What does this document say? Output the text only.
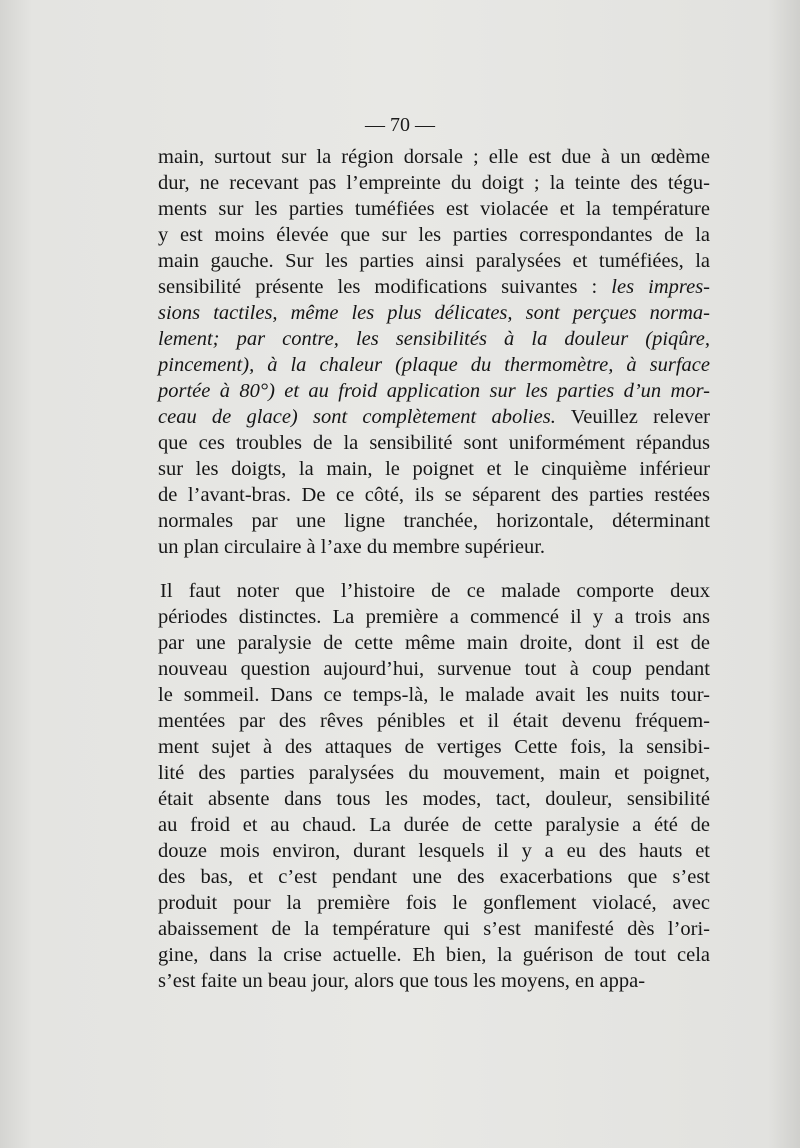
— 70 —
main, surtout sur la région dorsale ; elle est due à un œdème
dur, ne recevant pas l’empreinte du doigt ; la teinte des tégu-
ments sur les parties tuméfiées est violacée et la température
y est moins élevée que sur les parties correspondantes de la
main gauche. Sur les parties ainsi paralysées et tuméfiées, la
sensibilité présente les modifications suivantes : les impres-
sions tactiles, même les plus délicates, sont perçues norma-
lement; par contre, les sensibilités à la douleur (piqûre,
pincement), à la chaleur (plaque du thermomètre, à surface
portée à 80°) et au froid application sur les parties d’un mor-
ceau de glace) sont complètement abolies. Veuillez relever
que ces troubles de la sensibilité sont uniformément répandus
sur les doigts, la main, le poignet et le cinquième inférieur
de l’avant-bras. De ce côté, ils se séparent des parties restées
normales par une ligne tranchée, horizontale, déterminant
un plan circulaire à l’axe du membre supérieur.
Il faut noter que l’histoire de ce malade comporte deux
périodes distinctes. La première a commencé il y a trois ans
par une paralysie de cette même main droite, dont il est de
nouveau question aujourd’hui, survenue tout à coup pendant
le sommeil. Dans ce temps-là, le malade avait les nuits tour-
mentées par des rêves pénibles et il était devenu fréquem-
ment sujet à des attaques de vertiges Cette fois, la sensibi-
lité des parties paralysées du mouvement, main et poignet,
était absente dans tous les modes, tact, douleur, sensibilité
au froid et au chaud. La durée de cette paralysie a été de
douze mois environ, durant lesquels il y a eu des hauts et
des bas, et c’est pendant une des exacerbations que s’est
produit pour la première fois le gonflement violacé, avec
abaissement de la température qui s’est manifesté dès l’ori-
gine, dans la crise actuelle. Eh bien, la guérison de tout cela
s’est faite un beau jour, alors que tous les moyens, en appa-
